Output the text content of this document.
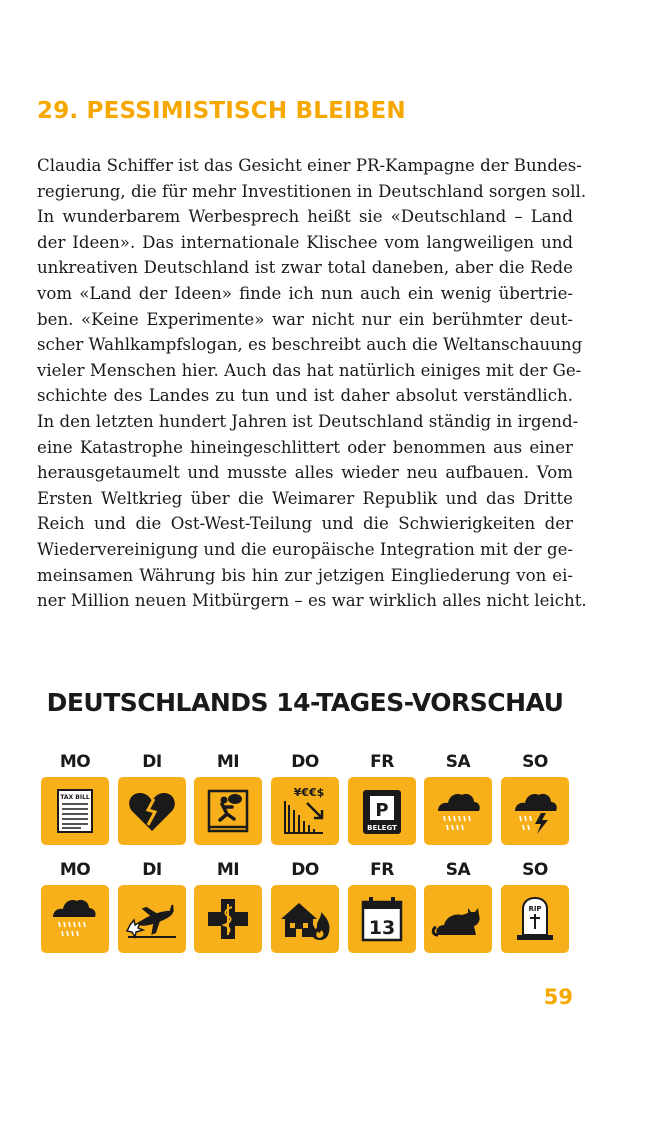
29. PESSIMISTISCH BLEIBEN
Claudia Schiffer ist das Gesicht einer PR-Kampagne der Bundes-
regierung, die für mehr Investitionen in Deutschland sorgen soll.
In wunderbarem Werbesprech heißt sie «Deutschland – Land
der Ideen». Das internationale Klischee vom langweiligen und
unkreativen Deutschland ist zwar total daneben, aber die Rede
vom «Land der Ideen» finde ich nun auch ein wenig übertrie-
ben. «Keine Experimente» war nicht nur ein berühmter deut-
scher Wahlkampfslogan, es beschreibt auch die Weltanschauung
vieler Menschen hier. Auch das hat natürlich einiges mit der Ge-
schichte des Landes zu tun und ist daher absolut verständlich.
In den letzten hundert Jahren ist Deutschland ständig in irgend-
eine Katastrophe hineingeschlittert oder benommen aus einer
herausgetaumelt und musste alles wieder neu aufbauen. Vom
Ersten Weltkrieg über die Weimarer Republik und das Dritte
Reich und die Ost-West-Teilung und die Schwierigkeiten der
Wiedervereinigung und die europäische Integration mit der ge-
meinsamen Währung bis hin zur jetzigen Eingliederung von ei-
ner Million neuen Mitbürgern – es war wirklich alles nicht leicht.
DEUTSCHLANDS 14-TAGES-VORSCHAU
MO	DI	MI	DO	FR	SA	SO
TAX BILL	¥€€$
P
BELEGT
MO	DI	MI	DO	FR	SA	SO
13
RIP
59
